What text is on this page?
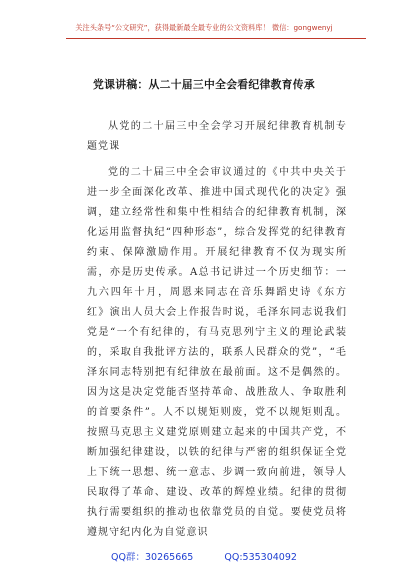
关注头条号“公文研究”，获得最新最全最专业的公文资料库！ 微信：gongwenyj
党课讲稿：从二十届三中全会看纪律教育传承

从党的二十届三中全会学习开展纪律教育机制专题党课

党的二十届三中全会审议通过的《中共中央关于进一步全面深化改革、推进中国式现代化的决定》强调，建立经常性和集中性相结合的纪律教育机制，深化运用监督执纪“四种形态”，综合发挥党的纪律教育约束、保障激励作用。开展纪律教育不仅为现实所需，亦是历史传承。A总书记讲过一个历史细节：一九六四年十月，周恩来同志在音乐舞蹈史诗《东方红》演出人员大会上作报告时说，毛泽东同志说我们党是“一个有纪律的，有马克思列宁主义的理论武装的，采取自我批评方法的，联系人民群众的党”，“毛泽东同志特别把有纪律放在最前面。这不是偶然的。因为这是决定党能否坚持革命、战胜敌人、争取胜利的首要条件”。人不以规矩则废，党不以规矩则乱。按照马克思主义建党原则建立起来的中国共产党，不断加强纪律建设，以铁的纪律与严密的组织保证全党上下统一思想、统一意志、步调一致向前进，领导人民取得了革命、建设、改革的辉煌业绩。纪律的贯彻执行需要组织的推动也依靠党员的自觉。要使党员将遵规守纪内化为自觉意识

QQ群：30265665	QQ:535304092
